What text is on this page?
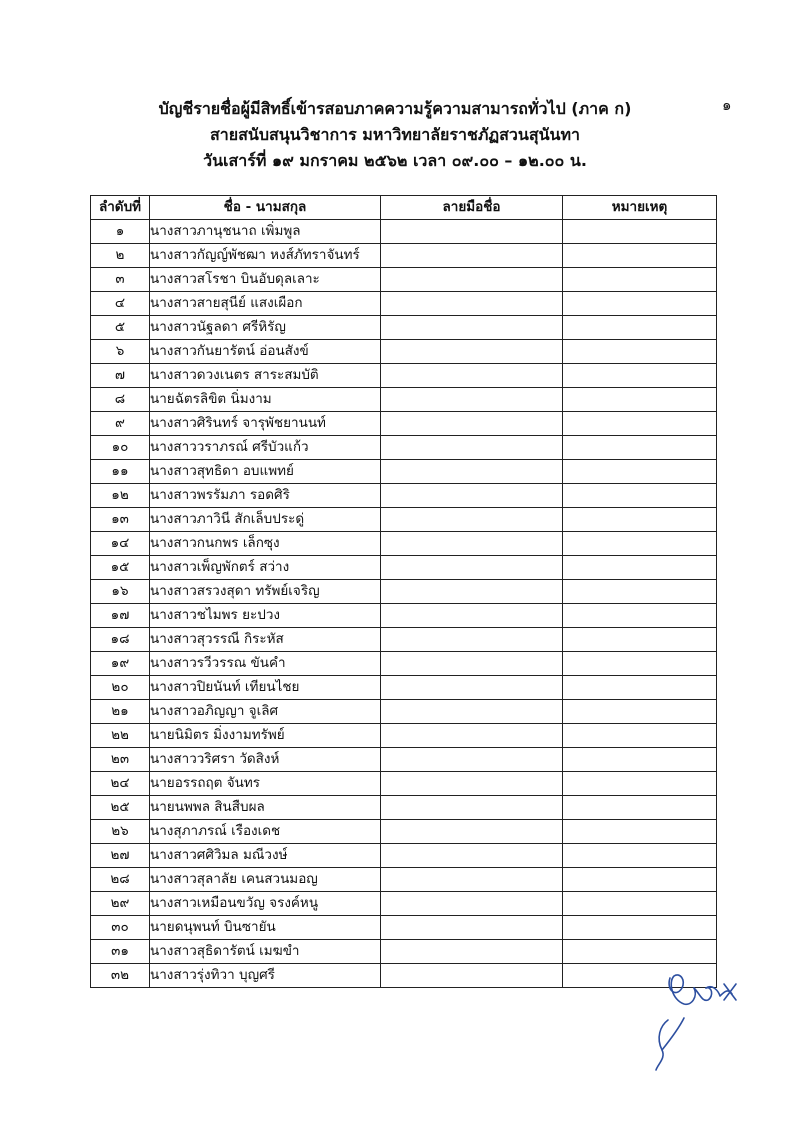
๑
บัญชีรายชื่อผู้มีสิทธิ์เข้ารสอบภาคความรู้ความสามารถทั่วไป (ภาค ก)
สายสนับสนุนวิชาการ มหาวิทยาลัยราชภัฏสวนสุนันทา
วันเสาร์ที่ ๑๙ มกราคม ๒๕๖๒ เวลา ๐๙.๐๐ – ๑๒.๐๐ น.
ลำดับที่	ชื่อ - นามสกุล	ลายมือชื่อ	หมายเหตุ
๑	นางสาวภานุชนาถ เพิ่มพูล		
๒	นางสาวกัญญ์พัชฒา หงส์ภัทราจันทร์		
๓	นางสาวสโรชา บินอับดุลเลาะ		
๔	นางสาวสายสุนีย์ แสงเผือก		
๕	นางสาวนัฐลดา ศรีหิรัญ		
๖	นางสาวกันยารัตน์ อ่อนสังข์		
๗	นางสาวดวงเนตร สาระสมบัติ		
๘	นายฉัตรลิขิต นิ่มงาม		
๙	นางสาวศิรินทร์ จารุพัชยานนท์		
๑๐	นางสาววราภรณ์ ศรีบัวแก้ว		
๑๑	นางสาวสุทธิดา อบแพทย์		
๑๒	นางสาวพรรัมภา รอดศิริ		
๑๓	นางสาวภาวินี สักเล็บประดู่		
๑๔	นางสาวกนกพร เล็กซุง		
๑๕	นางสาวเพ็ญพักตร์ สว่าง		
๑๖	นางสาวสรวงสุดา ทรัพย์เจริญ		
๑๗	นางสาวชไมพร ยะปวง		
๑๘	นางสาวสุวรรณี กิระหัส		
๑๙	นางสาวรวีวรรณ ขันคำ		
๒๐	นางสาวปิยนันท์ เทียนไชย		
๒๑	นางสาวอภิญญา จูเลิศ		
๒๒	นายนิมิตร มิ่งงามทรัพย์		
๒๓	นางสาววริศรา วัดสิงห์		
๒๔	นายอรรถฤต จันทร		
๒๕	นายนพพล สินสืบผล		
๒๖	นางสุภาภรณ์ เรืองเดช		
๒๗	นางสาวศศิวิมล มณีวงษ์		
๒๘	นางสาวสุลาลัย เคนสวนมอญ		
๒๙	นางสาวเหมือนขวัญ จรงค์หนู		
๓๐	นายดนุพนท์ บินซายัน		
๓๑	นางสาวสุธิดารัตน์ เมฆขำ		
๓๒	นางสาวรุ่งทิวา บุญศรี		
